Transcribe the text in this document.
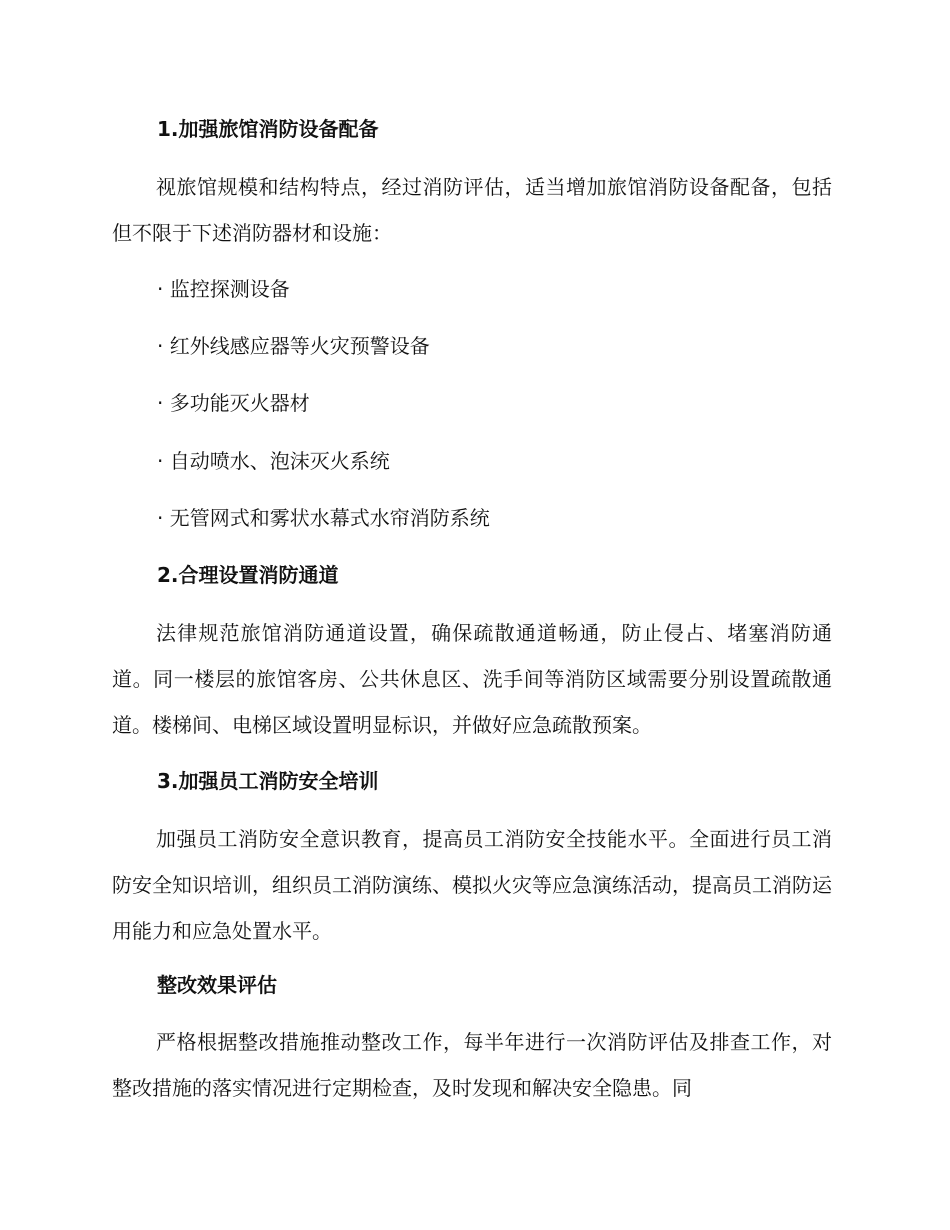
1.加强旅馆消防设备配备
视旅馆规模和结构特点，经过消防评估，适当增加旅馆消防设备配备，包括但不限于下述消防器材和设施：
· 监控探测设备
· 红外线感应器等火灾预警设备
· 多功能灭火器材
· 自动喷水、泡沫灭火系统
· 无管网式和雾状水幕式水帘消防系统
2.合理设置消防通道
法律规范旅馆消防通道设置，确保疏散通道畅通，防止侵占、堵塞消防通道。同一楼层的旅馆客房、公共休息区、洗手间等消防区域需要分别设置疏散通道。楼梯间、电梯区域设置明显标识，并做好应急疏散预案。
3.加强员工消防安全培训
加强员工消防安全意识教育，提高员工消防安全技能水平。全面进行员工消防安全知识培训，组织员工消防演练、模拟火灾等应急演练活动，提高员工消防运用能力和应急处置水平。
整改效果评估
严格根据整改措施推动整改工作，每半年进行一次消防评估及排查工作，对整改措施的落实情况进行定期检查，及时发现和解决安全隐患。同
